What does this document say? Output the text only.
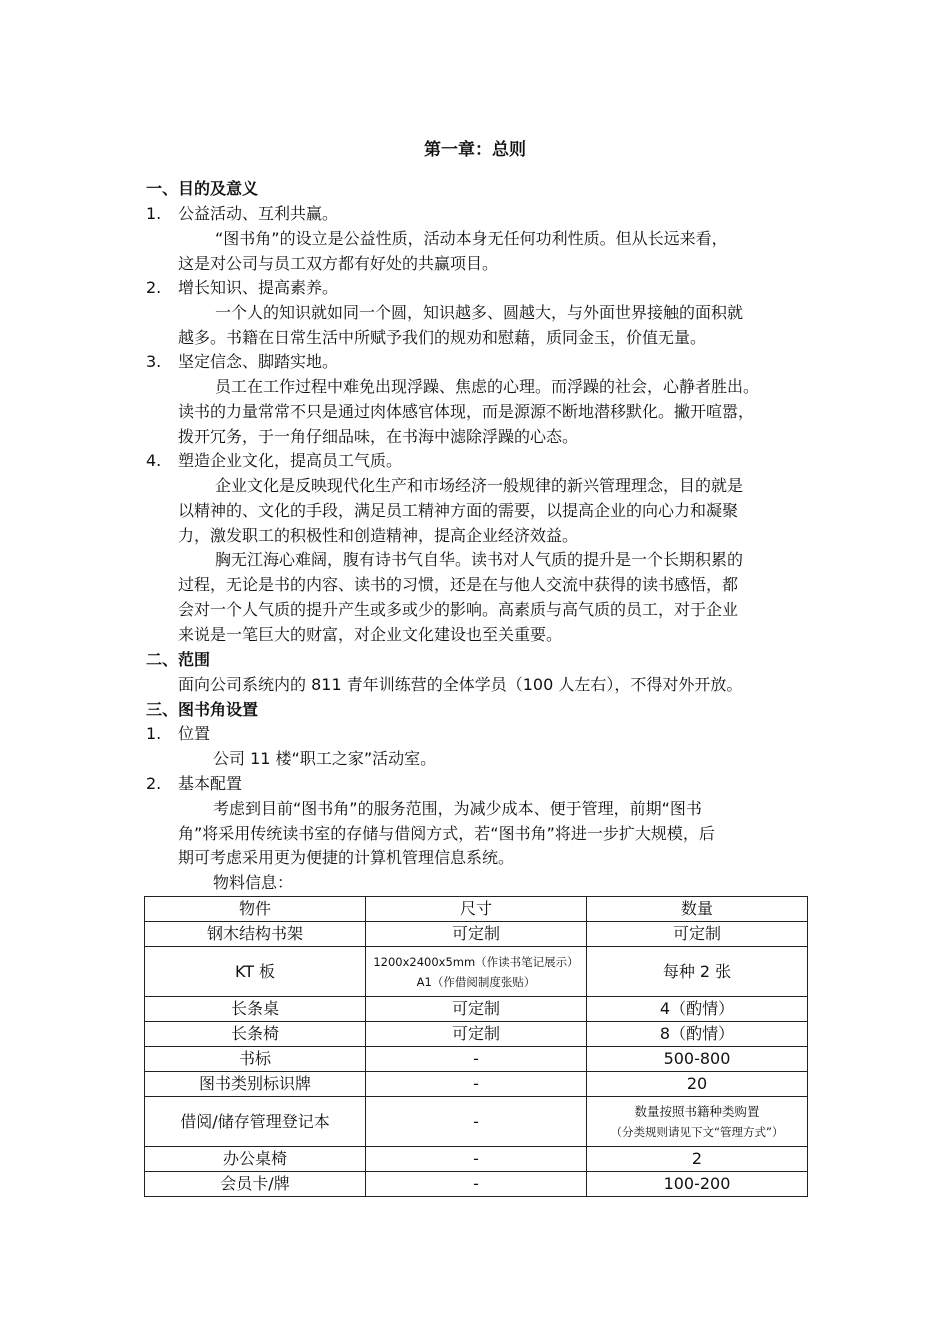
第一章：总则
一、目的及意义
1. 公益活动、互利共赢。
“图书角”的设立是公益性质，活动本身无任何功利性质。但从长远来看，
这是对公司与员工双方都有好处的共赢项目。
2. 增长知识、提高素养。
一个人的知识就如同一个圆，知识越多、圆越大，与外面世界接触的面积就
越多。书籍在日常生活中所赋予我们的规劝和慰藉，质同金玉，价值无量。
3. 坚定信念、脚踏实地。
员工在工作过程中难免出现浮躁、焦虑的心理。而浮躁的社会，心静者胜出。
读书的力量常常不只是通过肉体感官体现，而是源源不断地潜移默化。撇开喧嚣，
拨开冗务，于一角仔细品味，在书海中滤除浮躁的心态。
4. 塑造企业文化，提高员工气质。
企业文化是反映现代化生产和市场经济一般规律的新兴管理理念，目的就是
以精神的、文化的手段，满足员工精神方面的需要，以提高企业的向心力和凝聚
力，激发职工的积极性和创造精神，提高企业经济效益。
胸无江海心难阔，腹有诗书气自华。读书对人气质的提升是一个长期积累的
过程，无论是书的内容、读书的习惯，还是在与他人交流中获得的读书感悟，都
会对一个人气质的提升产生或多或少的影响。高素质与高气质的员工，对于企业
来说是一笔巨大的财富，对企业文化建设也至关重要。
二、范围
面向公司系统内的 811 青年训练营的全体学员（100 人左右），不得对外开放。
三、图书角设置
1. 位置
公司 11 楼“职工之家”活动室。
2. 基本配置
考虑到目前“图书角”的服务范围，为减少成本、便于管理，前期“图书
角”将采用传统读书室的存储与借阅方式，若“图书角”将进一步扩大规模，后
期可考虑采用更为便捷的计算机管理信息系统。
物料信息：
物件	尺寸	数量
钢木结构书架	可定制	可定制
KT 板	1200x2400x5mm（作读书笔记展示）
A1（作借阅制度张贴）	每种 2 张
长条桌	可定制	4（酌情）
长条椅	可定制	8（酌情）
书标	-	500-800
图书类别标识牌	-	20
借阅/储存管理登记本	-	数量按照书籍种类购置
（分类规则请见下文“管理方式”）

办公桌椅	-	2
会员卡/牌	-	100-200
